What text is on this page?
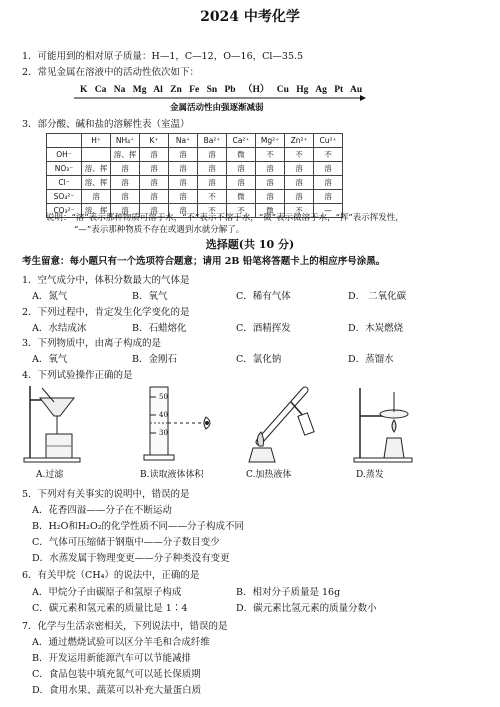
2024 中考化学
1．可能用到的相对原子质量：H—1，C—12，O—16，Cl—35.5
2．常见金属在溶液中的活动性依次如下：
K Ca Na Mg Al Zn Fe Sn Pb （H） Cu Hg Ag Pt Au
金属活动性由强逐渐减弱
3．部分酸、碱和盐的溶解性表（室温）
	H⁺	NH₄⁺	K⁺	Na⁺	Ba²⁺	Ca²⁺	Mg²⁺	Zn²⁺	Cu²⁺
OH⁻		溶、挥	溶	溶	溶	微	不	不	不
NO₃⁻	溶、挥	溶	溶	溶	溶	溶	溶	溶	溶
Cl⁻	溶、挥	溶	溶	溶	溶	溶	溶	溶	溶
SO₄²⁻	溶	溶	溶	溶	不	微	溶	溶	溶
CO₃²⁻	溶、挥	溶	溶	溶	不	不	微	不	—
说明：“溶”表示那种物质可溶于水，“不”表示不溶于水，“微”表示微溶于水，“挥”表示挥发性，
“—”表示那种物质不存在或遇到水就分解了。
选择题(共 10 分)
考生留意：每小题只有一个选项符合题意；请用 2B 铅笔将答题卡上的相应序号涂黑。
1．空气成分中，体积分数最大的气体是
A．氮气	B．氧气	C．稀有气体	D． 二氧化碳
2．下列过程中，肯定发生化学变化的是
A．水结成冰	B．石蜡熔化	C．酒精挥发	D．木炭燃烧
3．下列物质中，由离子构成的是
A．氧气	B．金刚石	C．氯化钠	D．蒸馏水
4．下列试验操作正确的是
A.过滤
50
40
30
B.读取液体体积	C.加热液体	D.蒸发
5．下列对有关事实的说明中，错误的是
A．花香四溢——分子在不断运动
B．H₂O和H₂O₂的化学性质不同——分子构成不同
C．气体可压缩储于钢瓶中——分子数目变少
D．水蒸发属于物理变更——分子种类没有变更
6．有关甲烷（CH₄）的说法中，正确的是
A．甲烷分子由碳原子和氢原子构成	B．相对分子质量是 16g
C．碳元素和氢元素的质量比是 1∶4	D．碳元素比氢元素的质量分数小
7．化学与生活亲密相关，下列说法中，错误的是
A．通过燃烧试验可以区分羊毛和合成纤维
B．开发运用新能源汽车可以节能减排
C．食品包装中填充氮气可以延长保质期
D．食用水果、蔬菜可以补充大量蛋白质
